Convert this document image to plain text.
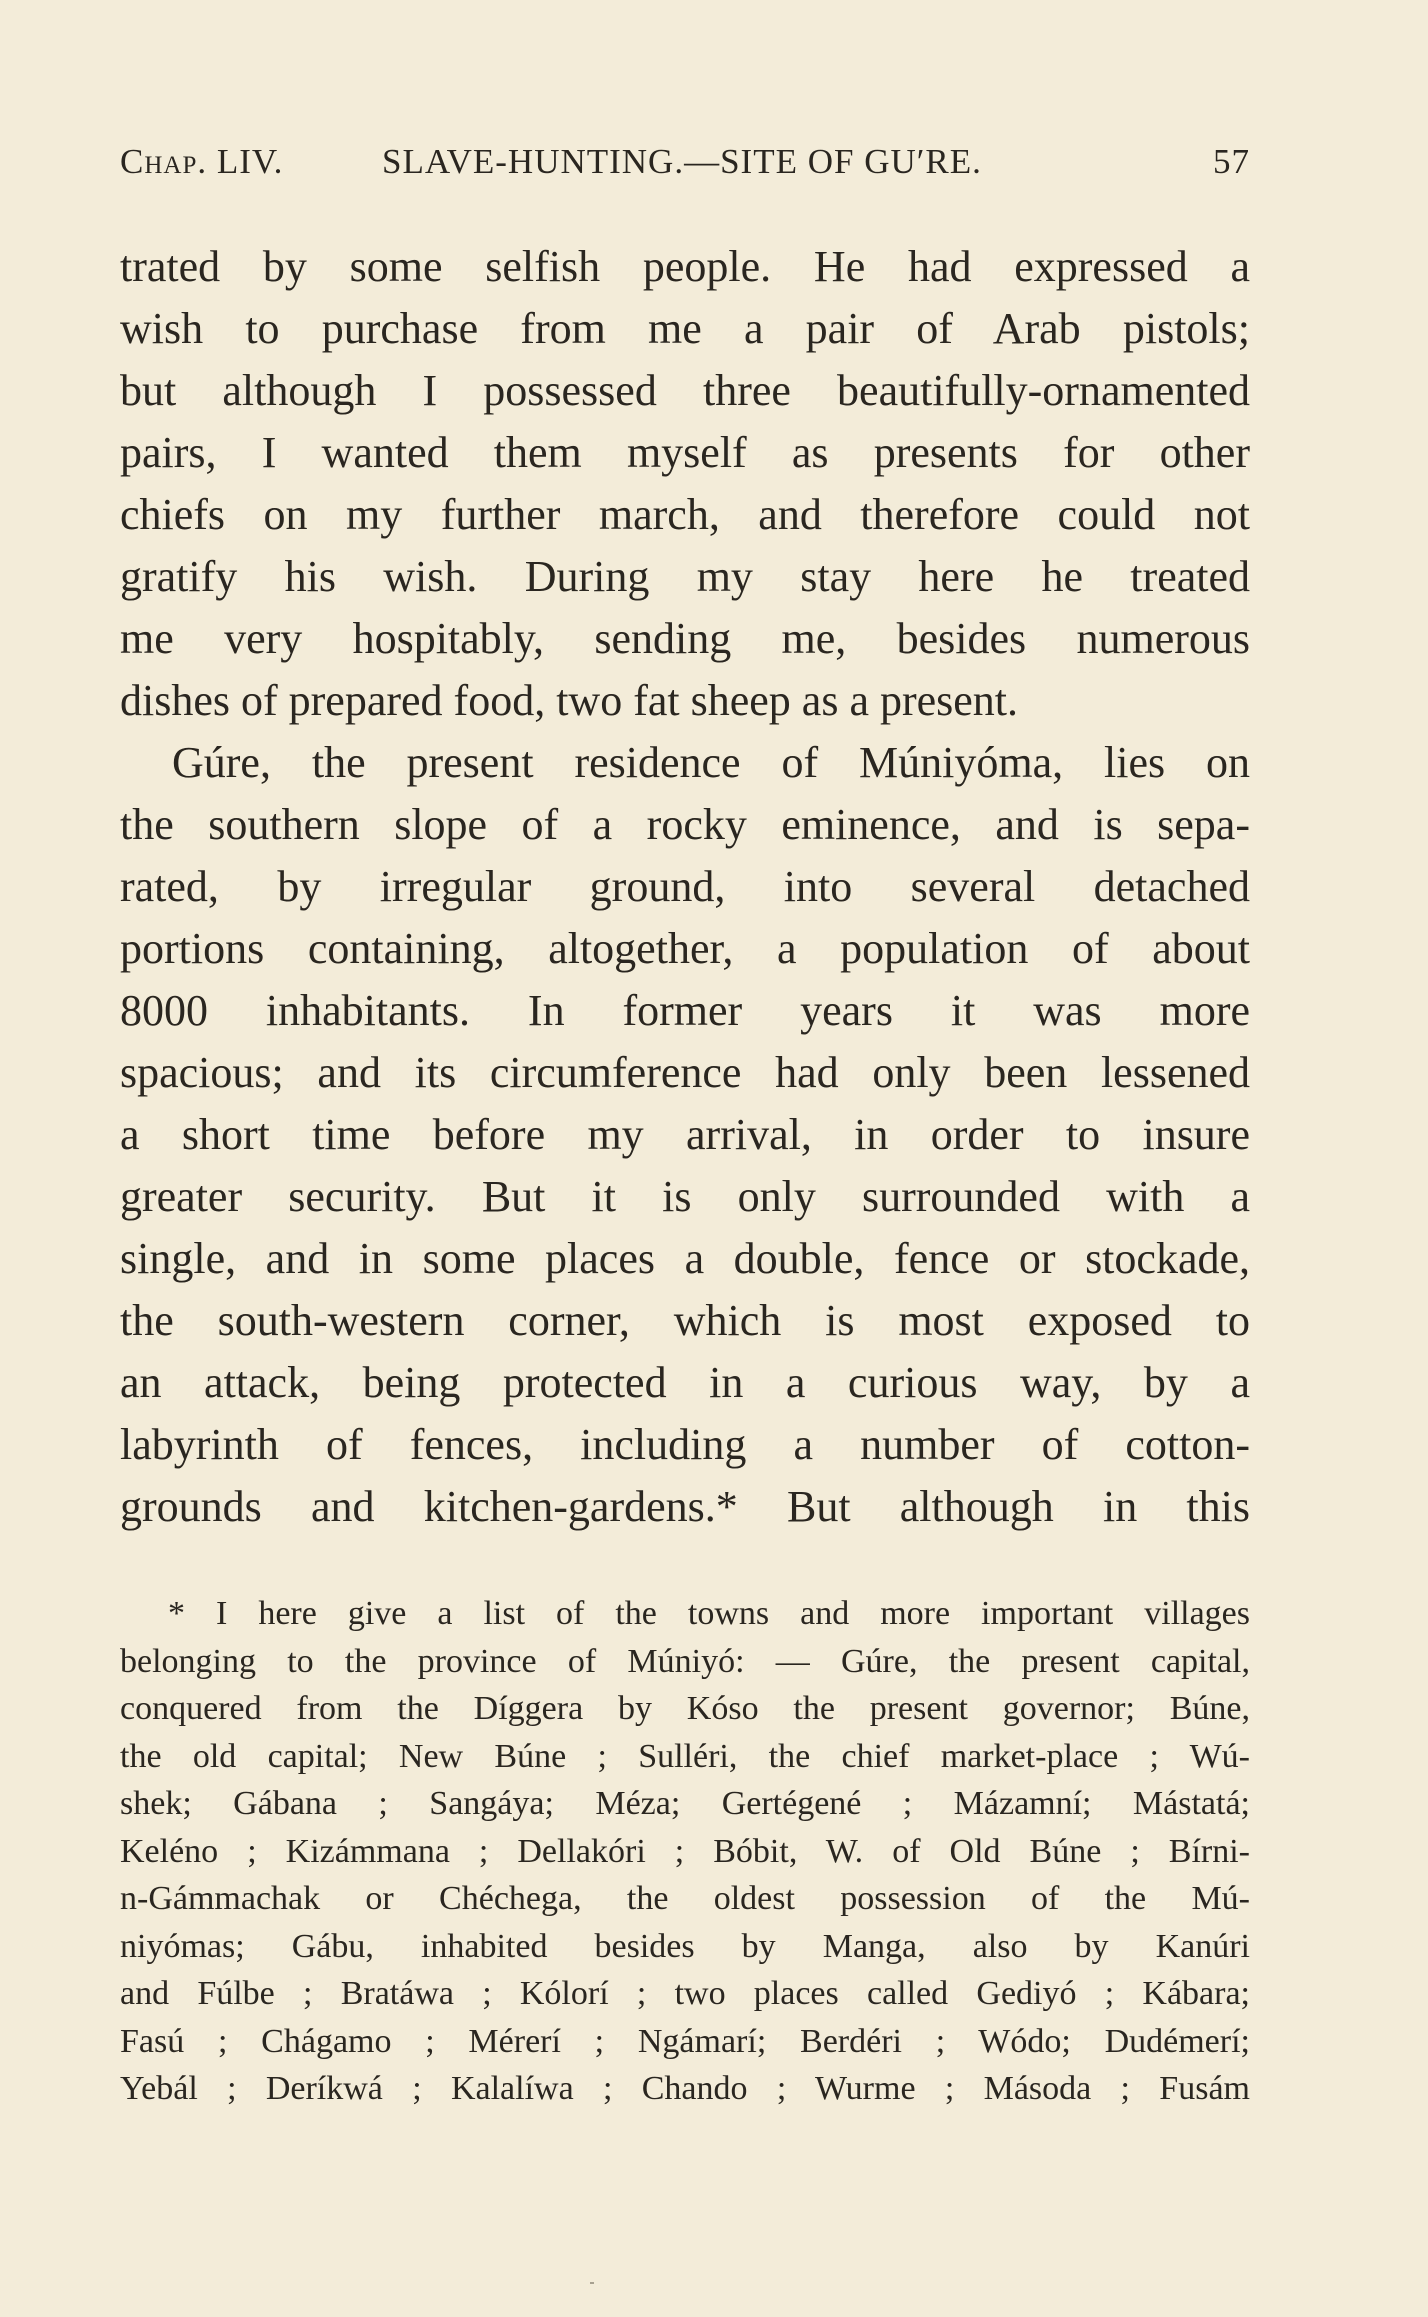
Chap. LIV.	SLAVE-HUNTING.—SITE OF GU′RE.	57
trated by some selfish people. He had expressed a
wish to purchase from me a pair of Arab pistols;
but although I possessed three beautifully-ornamented
pairs, I wanted them myself as presents for other
chiefs on my further march, and therefore could not
gratify his wish. During my stay here he treated
me very hospitably, sending me, besides numerous
dishes of prepared food, two fat sheep as a present.
Gúre, the present residence of Múniyóma, lies on
the southern slope of a rocky eminence, and is sepa-
rated, by irregular ground, into several detached
portions containing, altogether, a population of about
8000 inhabitants. In former years it was more
spacious; and its circumference had only been lessened
a short time before my arrival, in order to insure
greater security. But it is only surrounded with a
single, and in some places a double, fence or stockade,
the south-western corner, which is most exposed to
an attack, being protected in a curious way, by a
labyrinth of fences, including a number of cotton-
grounds and kitchen-gardens.* But although in this
* I here give a list of the towns and more important villages
belonging to the province of Múniyó: — Gúre, the present capital,
conquered from the Díggera by Kóso the present governor; Búne,
the old capital; New Búne ; Sulléri, the chief market-place ; Wú-
shek; Gábana ; Sangáya; Méza; Gertégené ; Mázamní; Mástatá;
Keléno ; Kizámmana ; Dellakóri ; Bóbit, W. of Old Búne ; Bírni-
n-Gámmachak or Chéchega, the oldest possession of the Mú-
niyómas; Gábu, inhabited besides by Manga, also by Kanúri
and Fúlbe ; Bratáwa ; Kólorí ; two places called Gediyó ; Kábara;
Fasú ; Chágamo ; Mérerí ; Ngámarí; Berdéri ; Wódo; Dudémerí;
Yebál ; Deríkwá ; Kalalíwa ; Chando ; Wurme ; Másoda ; Fusám
